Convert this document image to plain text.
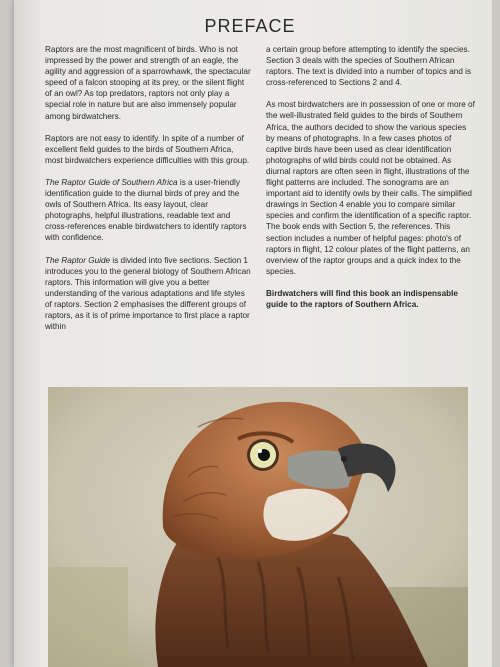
PREFACE

Raptors are the most magnificent of birds. Who is not impressed by the power and strength of an eagle, the agility and aggression of a sparrowhawk, the spectacular speed of a falcon stooping at its prey, or the silent flight of an owl? As top predators, raptors not only play a special role in nature but are also immensely popular among birdwatchers.

Raptors are not easy to identify. In spite of a number of excellent field guides to the birds of Southern Africa, most birdwatchers experience difficulties with this group.

The Raptor Guide of Southern Africa is a user-friendly identification guide to the diurnal birds of prey and the owls of Southern Africa. Its easy layout, clear photographs, helpful illustrations, readable text and cross-references enable birdwatchers to identify raptors with confidence.

The Raptor Guide is divided into five sections. Section 1 introduces you to the general biology of Southern African raptors. This information will give you a better understanding of the various adaptations and life styles of raptors. Section 2 emphasises the different groups of raptors, as it is of prime importance to first place a raptor within

a certain group before attempting to identify the species. Section 3 deals with the species of Southern African raptors. The text is divided into a number of topics and is cross-referenced to Sections 2 and 4.

As most birdwatchers are in possession of one or more of the well-illustrated field guides to the birds of Southern Africa, the authors decided to show the various species by means of photographs. In a few cases photos of captive birds have been used as clear identification photographs of wild birds could not be obtained. As diurnal raptors are often seen in flight, illustrations of the flight patterns are included. The sonograms are an important aid to identify owls by their calls. The simplified drawings in Section 4 enable you to compare similar species and confirm the identification of a specific raptor. The book ends with Section 5, the references. This section includes a number of helpful pages: photo's of raptors in flight, 12 colour plates of the flight patterns, an overview of the raptor groups and a quick index to the species.

Birdwatchers will find this book an indispensable guide to the raptors of Southern Africa.
